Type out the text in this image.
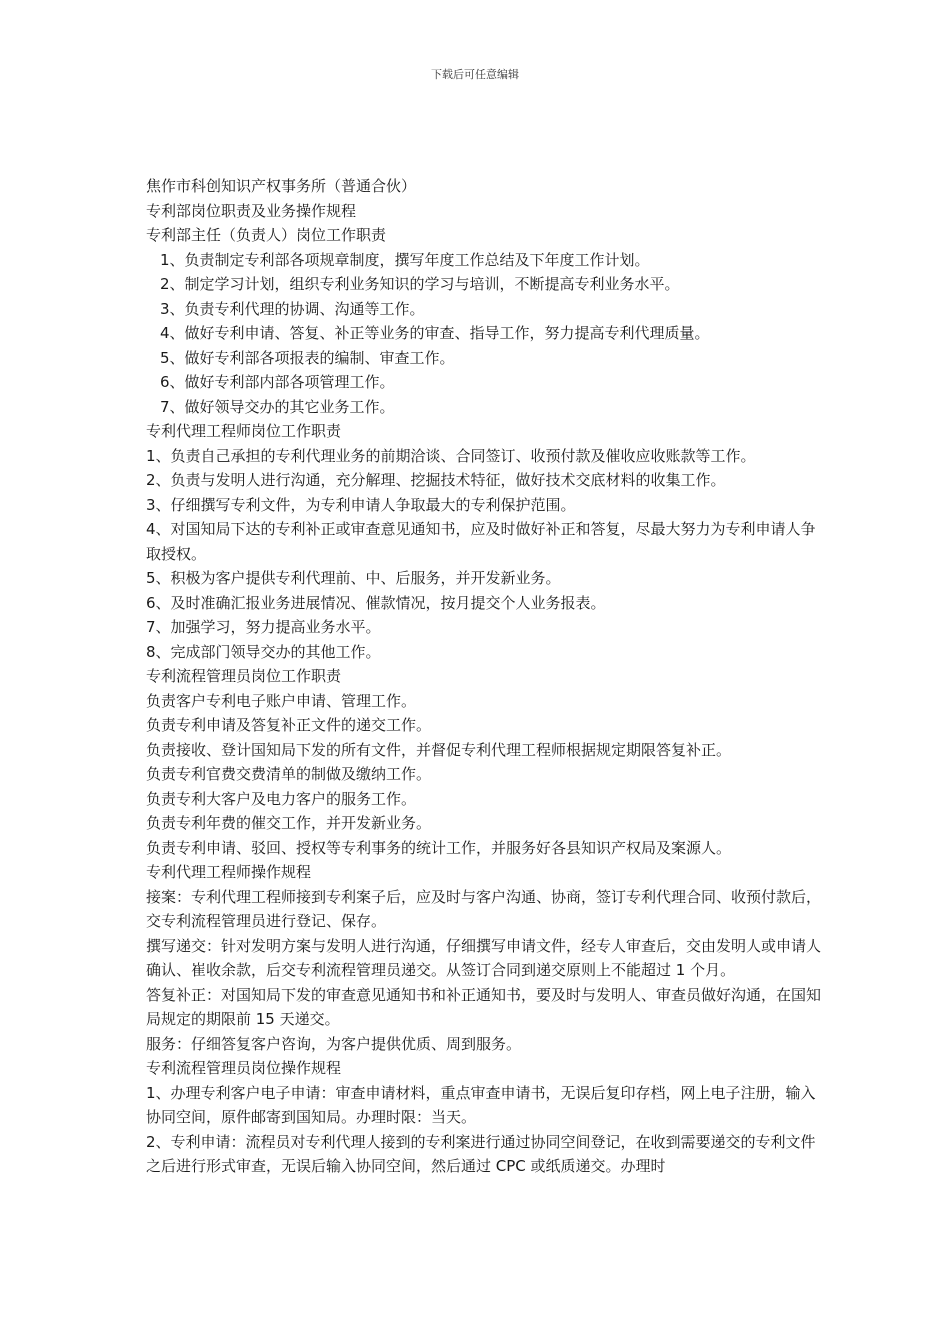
下载后可任意编辑

焦作市科创知识产权事务所（普通合伙）

专利部岗位职责及业务操作规程

专利部主任（负责人）岗位工作职责

1、负责制定专利部各项规章制度，撰写年度工作总结及下年度工作计划。

2、制定学习计划，组织专利业务知识的学习与培训，不断提高专利业务水平。

3、负责专利代理的协调、沟通等工作。

4、做好专利申请、答复、补正等业务的审查、指导工作，努力提高专利代理质量。

5、做好专利部各项报表的编制、审查工作。

6、做好专利部内部各项管理工作。

7、做好领导交办的其它业务工作。

专利代理工程师岗位工作职责

1、负责自己承担的专利代理业务的前期洽谈、合同签订、收预付款及催收应收账款等工作。

2、负责与发明人进行沟通，充分解理、挖掘技术特征，做好技术交底材料的收集工作。

3、仔细撰写专利文件，为专利申请人争取最大的专利保护范围。

4、对国知局下达的专利补正或审查意见通知书，应及时做好补正和答复，尽最大努力为专利申请人争取授权。

5、积极为客户提供专利代理前、中、后服务，并开发新业务。

6、及时准确汇报业务进展情况、催款情况，按月提交个人业务报表。

7、加强学习，努力提高业务水平。

8、完成部门领导交办的其他工作。

专利流程管理员岗位工作职责

负责客户专利电子账户申请、管理工作。

负责专利申请及答复补正文件的递交工作。

负责接收、登计国知局下发的所有文件，并督促专利代理工程师根据规定期限答复补正。

负责专利官费交费清单的制做及缴纳工作。

负责专利大客户及电力客户的服务工作。

负责专利年费的催交工作，并开发新业务。

负责专利申请、驳回、授权等专利事务的统计工作，并服务好各县知识产权局及案源人。

专利代理工程师操作规程

接案：专利代理工程师接到专利案子后，应及时与客户沟通、协商，签订专利代理合同、收预付款后，交专利流程管理员进行登记、保存。

撰写递交：针对发明方案与发明人进行沟通，仔细撰写申请文件，经专人审查后，交由发明人或申请人确认、崔收余款，后交专利流程管理员递交。从签订合同到递交原则上不能超过 1 个月。

答复补正：对国知局下发的审查意见通知书和补正通知书，要及时与发明人、审查员做好沟通，在国知局规定的期限前 15 天递交。

服务：仔细答复客户咨询，为客户提供优质、周到服务。

专利流程管理员岗位操作规程

1、办理专利客户电子申请：审查申请材料，重点审查申请书，无误后复印存档，网上电子注册，输入协同空间，原件邮寄到国知局。办理时限：当天。

2、专利申请：流程员对专利代理人接到的专利案进行通过协同空间登记，在收到需要递交的专利文件之后进行形式审查，无误后输入协同空间，然后通过 CPC 或纸质递交。办理时
